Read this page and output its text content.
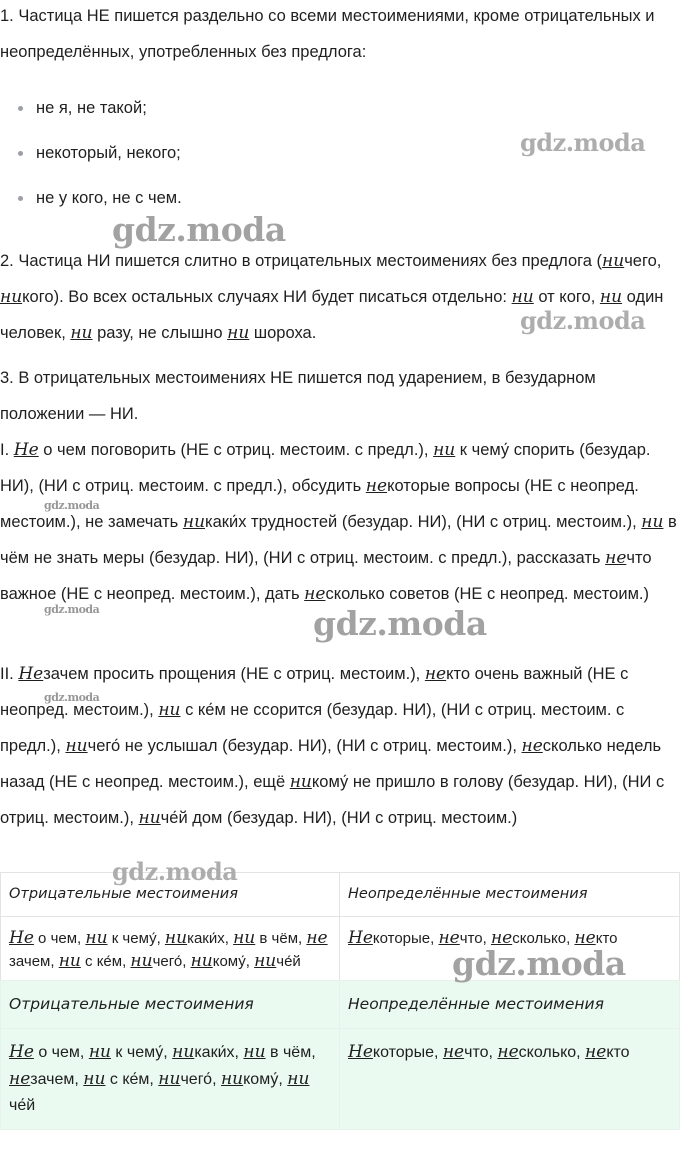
1. Частица НЕ пишется раздельно со всеми местоимениями, кроме отрицательных и неопределённых, употребленных без предлога:

не я, не такой;
некоторый, некого;
не у кого, не с чем.

2. Частица НИ пишется слитно в отрицательных местоимениях без предлога (ничего, никого). Во всех остальных случаях НИ будет писаться отдельно: ни от кого, ни один человек, ни разу, не слышно ни шороха.

3. В отрицательных местоимениях НЕ пишется под ударением, в безударном положении — НИ.

I. Не о чем поговорить (НЕ с отриц. местоим. с предл.), ни к чему́ спорить (безудар. НИ), (НИ с отриц. местоим. с предл.), обсудить некоторые вопросы (НЕ с неопред. местоим.), не замечать никаки́х трудностей (безудар. НИ), (НИ с отриц. местоим.), ни в чём не знать меры (безудар. НИ), (НИ с отриц. местоим. с предл.), рассказать нечто важное (НЕ с неопред. местоим.), дать несколько советов (НЕ с неопред. местоим.)

II. Незачем просить прощения (НЕ с отриц. местоим.), некто очень важный (НЕ с неопред. местоим.), ни с ке́м не ссорится (безудар. НИ), (НИ с отриц. местоим. с предл.), ничего́ не услышал (безудар. НИ), (НИ с отриц. местоим.), несколько недель назад (НЕ с неопред. местоим.), ещё никому́ не пришло в голову (безудар. НИ), (НИ с отриц. местоим.), ниче́й дом (безудар. НИ), (НИ с отриц. местоим.)

Отрицательные местоимения	Неопределённые местоимения
Не о чем, ни к чему́, никаки́х, ни в чём, не зачем, ни с ке́м, ничего́, никому́, ниче́й	Некоторые, нечто, несколько, некто
Отрицательные местоимения	Неопределённые местоимения
Не о чем, ни к чему́, никаки́х, ни в чём, незачем, ни с ке́м, ничего́, никому́, ни че́й	Некоторые, нечто, несколько, некто
gdz.moda
gdz.moda
gdz.moda
gdz.moda
gdz.moda	gdz.moda
gdz.moda
gdz.moda
gdz.moda
